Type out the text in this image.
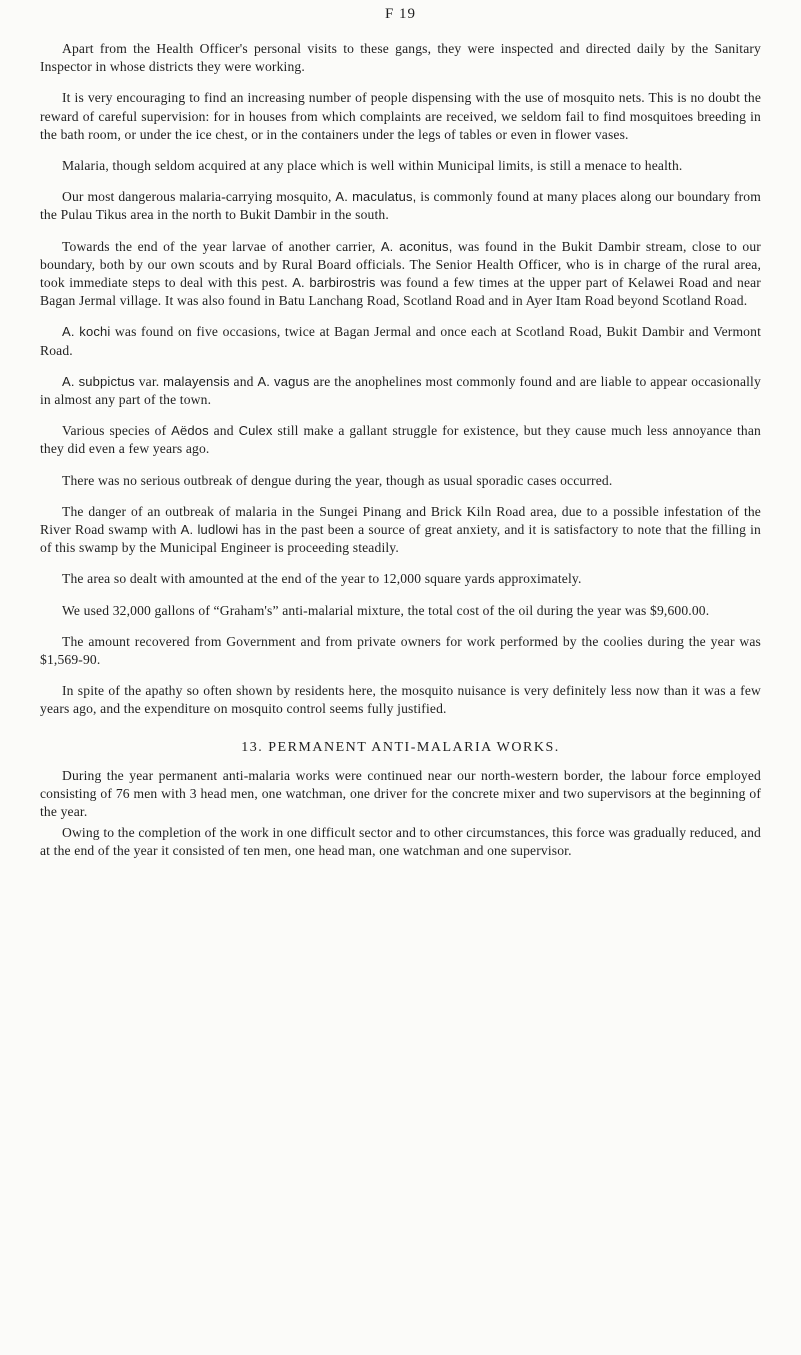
F 19

Apart from the Health Officer's personal visits to these gangs, they were inspected and directed daily by the Sanitary Inspector in whose districts they were working.

It is very encouraging to find an increasing number of people dispensing with the use of mosquito nets. This is no doubt the reward of careful supervision: for in houses from which complaints are received, we seldom fail to find mosquitoes breeding in the bath room, or under the ice chest, or in the containers under the legs of tables or even in flower vases.

Malaria, though seldom acquired at any place which is well within Municipal limits, is still a menace to health.

Our most dangerous malaria-carrying mosquito, A. maculatus, is commonly found at many places along our boundary from the Pulau Tikus area in the north to Bukit Dambir in the south.

Towards the end of the year larvae of another carrier, A. aconitus, was found in the Bukit Dambir stream, close to our boundary, both by our own scouts and by Rural Board officials. The Senior Health Officer, who is in charge of the rural area, took immediate steps to deal with this pest. A. barbirostris was found a few times at the upper part of Kelawei Road and near Bagan Jermal village. It was also found in Batu Lanchang Road, Scotland Road and in Ayer Itam Road beyond Scotland Road.

A. kochi was found on five occasions, twice at Bagan Jermal and once each at Scotland Road, Bukit Dambir and Vermont Road.

A. subpictus var. malayensis and A. vagus are the anophelines most commonly found and are liable to appear occasionally in almost any part of the town.

Various species of Aëdos and Culex still make a gallant struggle for existence, but they cause much less annoyance than they did even a few years ago.

There was no serious outbreak of dengue during the year, though as usual sporadic cases occurred.

The danger of an outbreak of malaria in the Sungei Pinang and Brick Kiln Road area, due to a possible infestation of the River Road swamp with A. ludlowi has in the past been a source of great anxiety, and it is satisfactory to note that the filling in of this swamp by the Municipal Engineer is proceeding steadily.

The area so dealt with amounted at the end of the year to 12,000 square yards approximately.

We used 32,000 gallons of “Graham's” anti-malarial mixture, the total cost of the oil during the year was $9,600.00.

The amount recovered from Government and from private owners for work performed by the coolies during the year was $1,569-90.

In spite of the apathy so often shown by residents here, the mosquito nuisance is very definitely less now than it was a few years ago, and the expenditure on mosquito control seems fully justified.

13. PERMANENT ANTI-MALARIA WORKS.

During the year permanent anti-malaria works were continued near our north-western border, the labour force employed consisting of 76 men with 3 head men, one watchman, one driver for the concrete mixer and two supervisors at the beginning of the year.

Owing to the completion of the work in one difficult sector and to other circumstances, this force was gradually reduced, and at the end of the year it consisted of ten men, one head man, one watchman and one supervisor.
